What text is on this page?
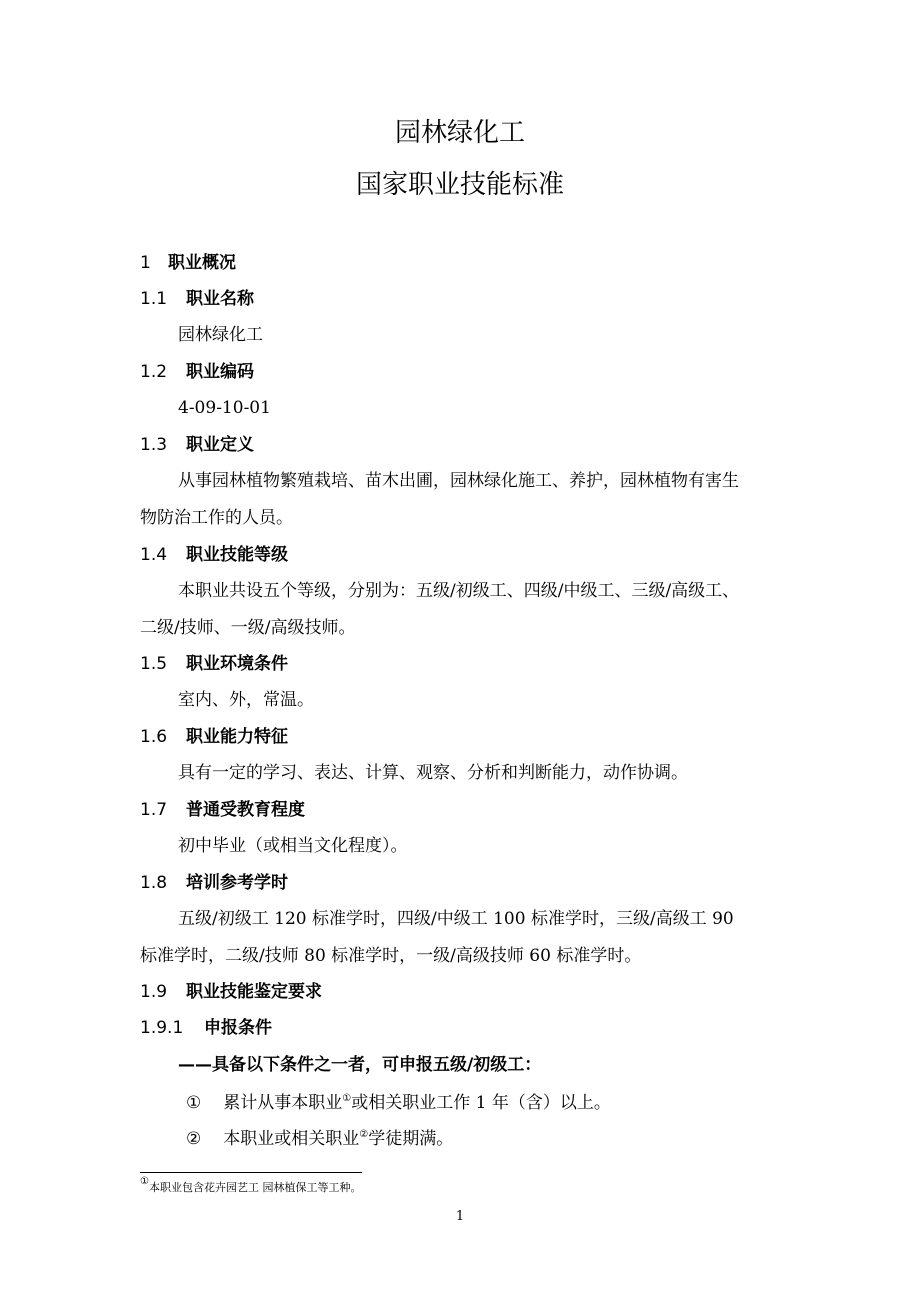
园林绿化工
国家职业技能标准
1 职业概况
1.1 职业名称
园林绿化工
1.2 职业编码
4-09-10-01
1.3 职业定义
从事园林植物繁殖栽培、苗木出圃，园林绿化施工、养护，园林植物有害生
物防治工作的人员。
1.4 职业技能等级
本职业共设五个等级，分别为：五级/初级工、四级/中级工、三级/高级工、
二级/技师、一级/高级技师。
1.5 职业环境条件
室内、外，常温。
1.6 职业能力特征
具有一定的学习、表达、计算、观察、分析和判断能力，动作协调。
1.7 普通受教育程度
初中毕业（或相当文化程度）。
1.8 培训参考学时
五级/初级工 120 标准学时，四级/中级工 100 标准学时，三级/高级工 90
标准学时，二级/技师 80 标准学时，一级/高级技师 60 标准学时。
1.9 职业技能鉴定要求
1.9.1 申报条件
——具备以下条件之一者，可申报五级/初级工：
① 累计从事本职业①或相关职业工作 1 年（含）以上。
② 本职业或相关职业②学徒期满。
①本职业包含花卉园艺工 园林植保工等工种。
1
